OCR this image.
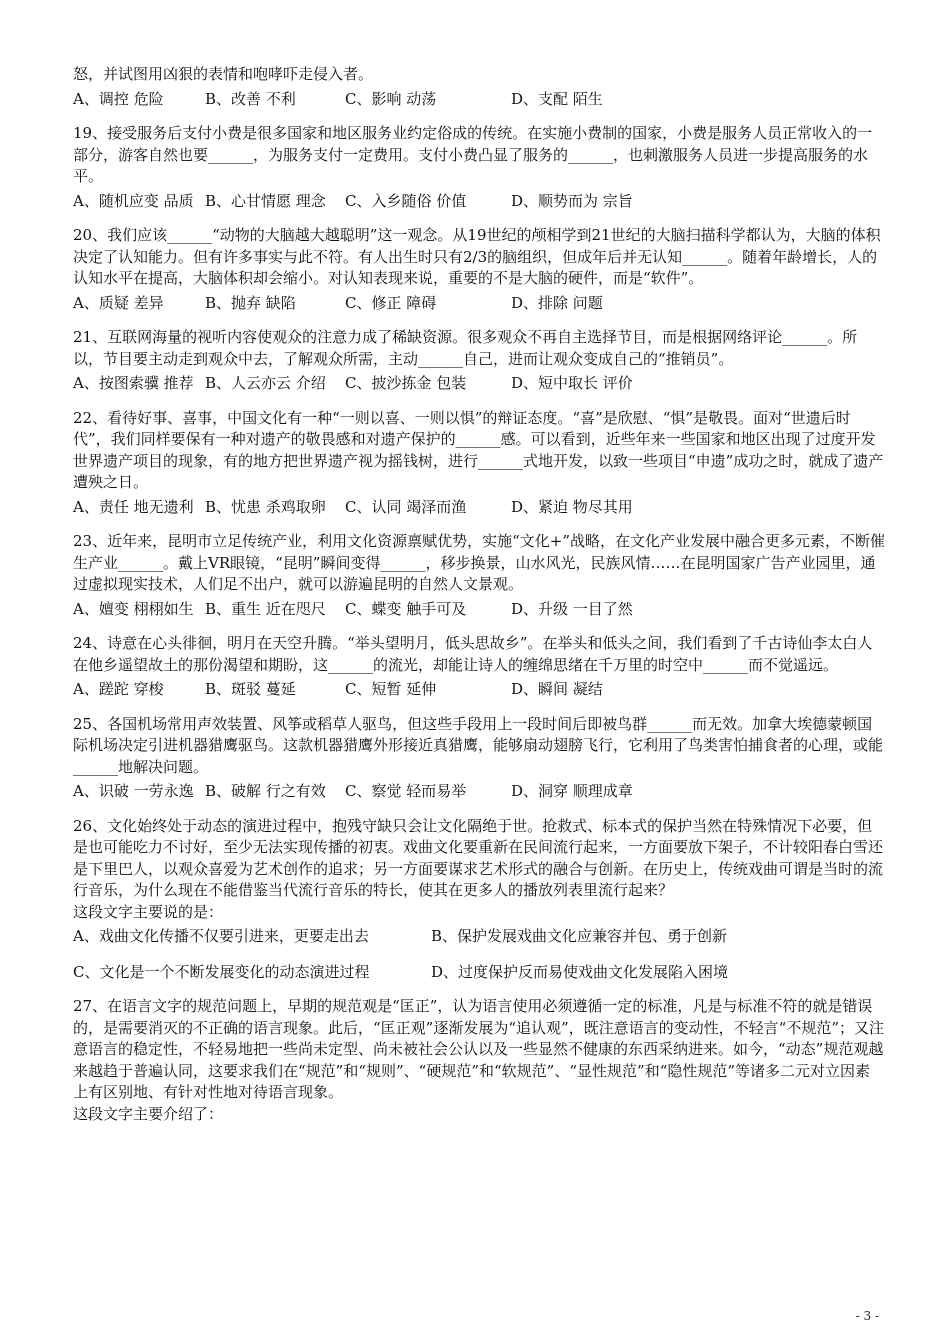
怒，并试图用凶狠的表情和咆哮吓走侵入者。

A、调控 危险	B、改善 不利	C、影响 动荡	D、支配 陌生

19、接受服务后支付小费是很多国家和地区服务业约定俗成的传统。在实施小费制的国家，小费是服务人员正常收入的一部分，游客自然也要______，为服务支付一定费用。支付小费凸显了服务的______，也刺激服务人员进一步提高服务的水平。

A、随机应变 品质 B、心甘情愿 理念	C、入乡随俗 价值	D、顺势而为 宗旨

20、我们应该______“动物的大脑越大越聪明”这一观念。从19世纪的颅相学到21世纪的大脑扫描科学都认为，大脑的体积决定了认知能力。但有许多事实与此不符。有人出生时只有2/3的脑组织，但成年后并无认知______。随着年龄增长，人的认知水平在提高，大脑体积却会缩小。对认知表现来说，重要的不是大脑的硬件，而是“软件”。

A、质疑 差异	B、抛弃 缺陷	C、修正 障碍	D、排除 问题

21、互联网海量的视听内容使观众的注意力成了稀缺资源。很多观众不再自主选择节目，而是根据网络评论______。所以，节目要主动走到观众中去，了解观众所需，主动______自己，进而让观众变成自己的“推销员”。

A、按图索骥 推荐 B、人云亦云 介绍	C、披沙拣金 包装	D、短中取长 评价

22、看待好事、喜事，中国文化有一种“一则以喜、一则以惧”的辩证态度。“喜”是欣慰、“惧”是敬畏。面对“世遗后时代”，我们同样要保有一种对遗产的敬畏感和对遗产保护的______感。可以看到，近些年来一些国家和地区出现了过度开发世界遗产项目的现象，有的地方把世界遗产视为摇钱树，进行______式地开发，以致一些项目“申遗”成功之时，就成了遗产遭殃之日。

A、责任 地无遗利 B、忧患 杀鸡取卵	C、认同 竭泽而渔	D、紧迫 物尽其用

23、近年来，昆明市立足传统产业，利用文化资源禀赋优势，实施“文化+”战略，在文化产业发展中融合更多元素，不断催生产业______。戴上VR眼镜，“昆明”瞬间变得______，移步换景，山水风光，民族风情……在昆明国家广告产业园里，通过虚拟现实技术，人们足不出户，就可以游遍昆明的自然人文景观。

A、嬗变 栩栩如生 B、重生 近在咫尺	C、蝶变 触手可及	D、升级 一目了然

24、诗意在心头徘徊，明月在天空升腾。“举头望明月，低头思故乡”。在举头和低头之间，我们看到了千古诗仙李太白人在他乡遥望故土的那份渴望和期盼，这______的流光，却能让诗人的缠绵思绪在千万里的时空中______而不觉遥远。

A、蹉跎 穿梭	B、斑驳 蔓延	C、短暂 延伸	D、瞬间 凝结

25、各国机场常用声效装置、风筝或稻草人驱鸟，但这些手段用上一段时间后即被鸟群______而无效。加拿大埃德蒙顿国际机场决定引进机器猎鹰驱鸟。这款机器猎鹰外形接近真猎鹰，能够扇动翅膀飞行，它利用了鸟类害怕捕食者的心理，或能______地解决问题。

A、识破 一劳永逸 B、破解 行之有效	C、察觉 轻而易举	D、洞穿 顺理成章

26、文化始终处于动态的演进过程中，抱残守缺只会让文化隔绝于世。抢救式、标本式的保护当然在特殊情况下必要，但是也可能吃力不讨好，至少无法实现传播的初衷。戏曲文化要重新在民间流行起来，一方面要放下架子，不计较阳春白雪还是下里巴人，以观众喜爱为艺术创作的追求；另一方面要谋求艺术形式的融合与创新。在历史上，传统戏曲可谓是当时的流行音乐，为什么现在不能借鉴当代流行音乐的特长，使其在更多人的播放列表里流行起来？

这段文字主要说的是：

A、戏曲文化传播不仅要引进来，更要走出去	B、保护发展戏曲文化应兼容并包、勇于创新
C、文化是一个不断发展变化的动态演进过程	D、过度保护反而易使戏曲文化发展陷入困境

27、在语言文字的规范问题上，早期的规范观是“匡正”，认为语言使用必须遵循一定的标准，凡是与标准不符的就是错误的，是需要消灭的不正确的语言现象。此后，“匡正观”逐渐发展为“追认观”，既注意语言的变动性，不轻言“不规范”；又注意语言的稳定性，不轻易地把一些尚未定型、尚未被社会公认以及一些显然不健康的东西采纳进来。如今，“动态”规范观越来越趋于普遍认同，这要求我们在“规范”和“规则”、“硬规范”和“软规范”、“显性规范”和“隐性规范”等诸多二元对立因素上有区别地、有针对性地对待语言现象。

这段文字主要介绍了：

- 3 -
